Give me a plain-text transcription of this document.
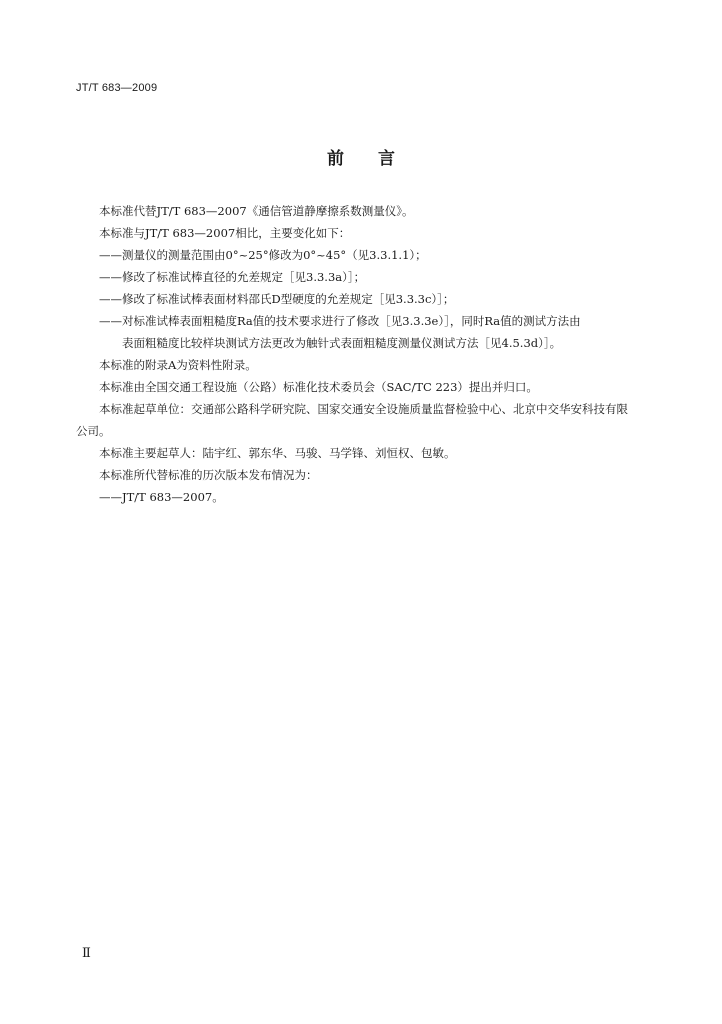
JT/T 683—2009
前言

本标准代替JT/T 683—2007《通信管道静摩擦系数测量仪》。

本标准与JT/T 683—2007相比，主要变化如下：

——测量仪的测量范围由0°~25°修改为0°~45°（见3.3.1.1）；

——修改了标准试棒直径的允差规定［见3.3.3a）］；

——修改了标准试棒表面材料邵氏D型硬度的允差规定［见3.3.3c）］；

——对标准试棒表面粗糙度Ra值的技术要求进行了修改［见3.3.3e）］，同时Ra值的测试方法由

表面粗糙度比较样块测试方法更改为触针式表面粗糙度测量仪测试方法［见4.5.3d）］。

本标准的附录A为资料性附录。

本标准由全国交通工程设施（公路）标准化技术委员会（SAC/TC 223）提出并归口。

本标准起草单位：交通部公路科学研究院、国家交通安全设施质量监督检验中心、北京中交华安科技有限公司。

本标准主要起草人：陆宇红、郭东华、马骏、马学锋、刘恒权、包敏。

本标准所代替标准的历次版本发布情况为：

——JT/T 683—2007。

Ⅱ
